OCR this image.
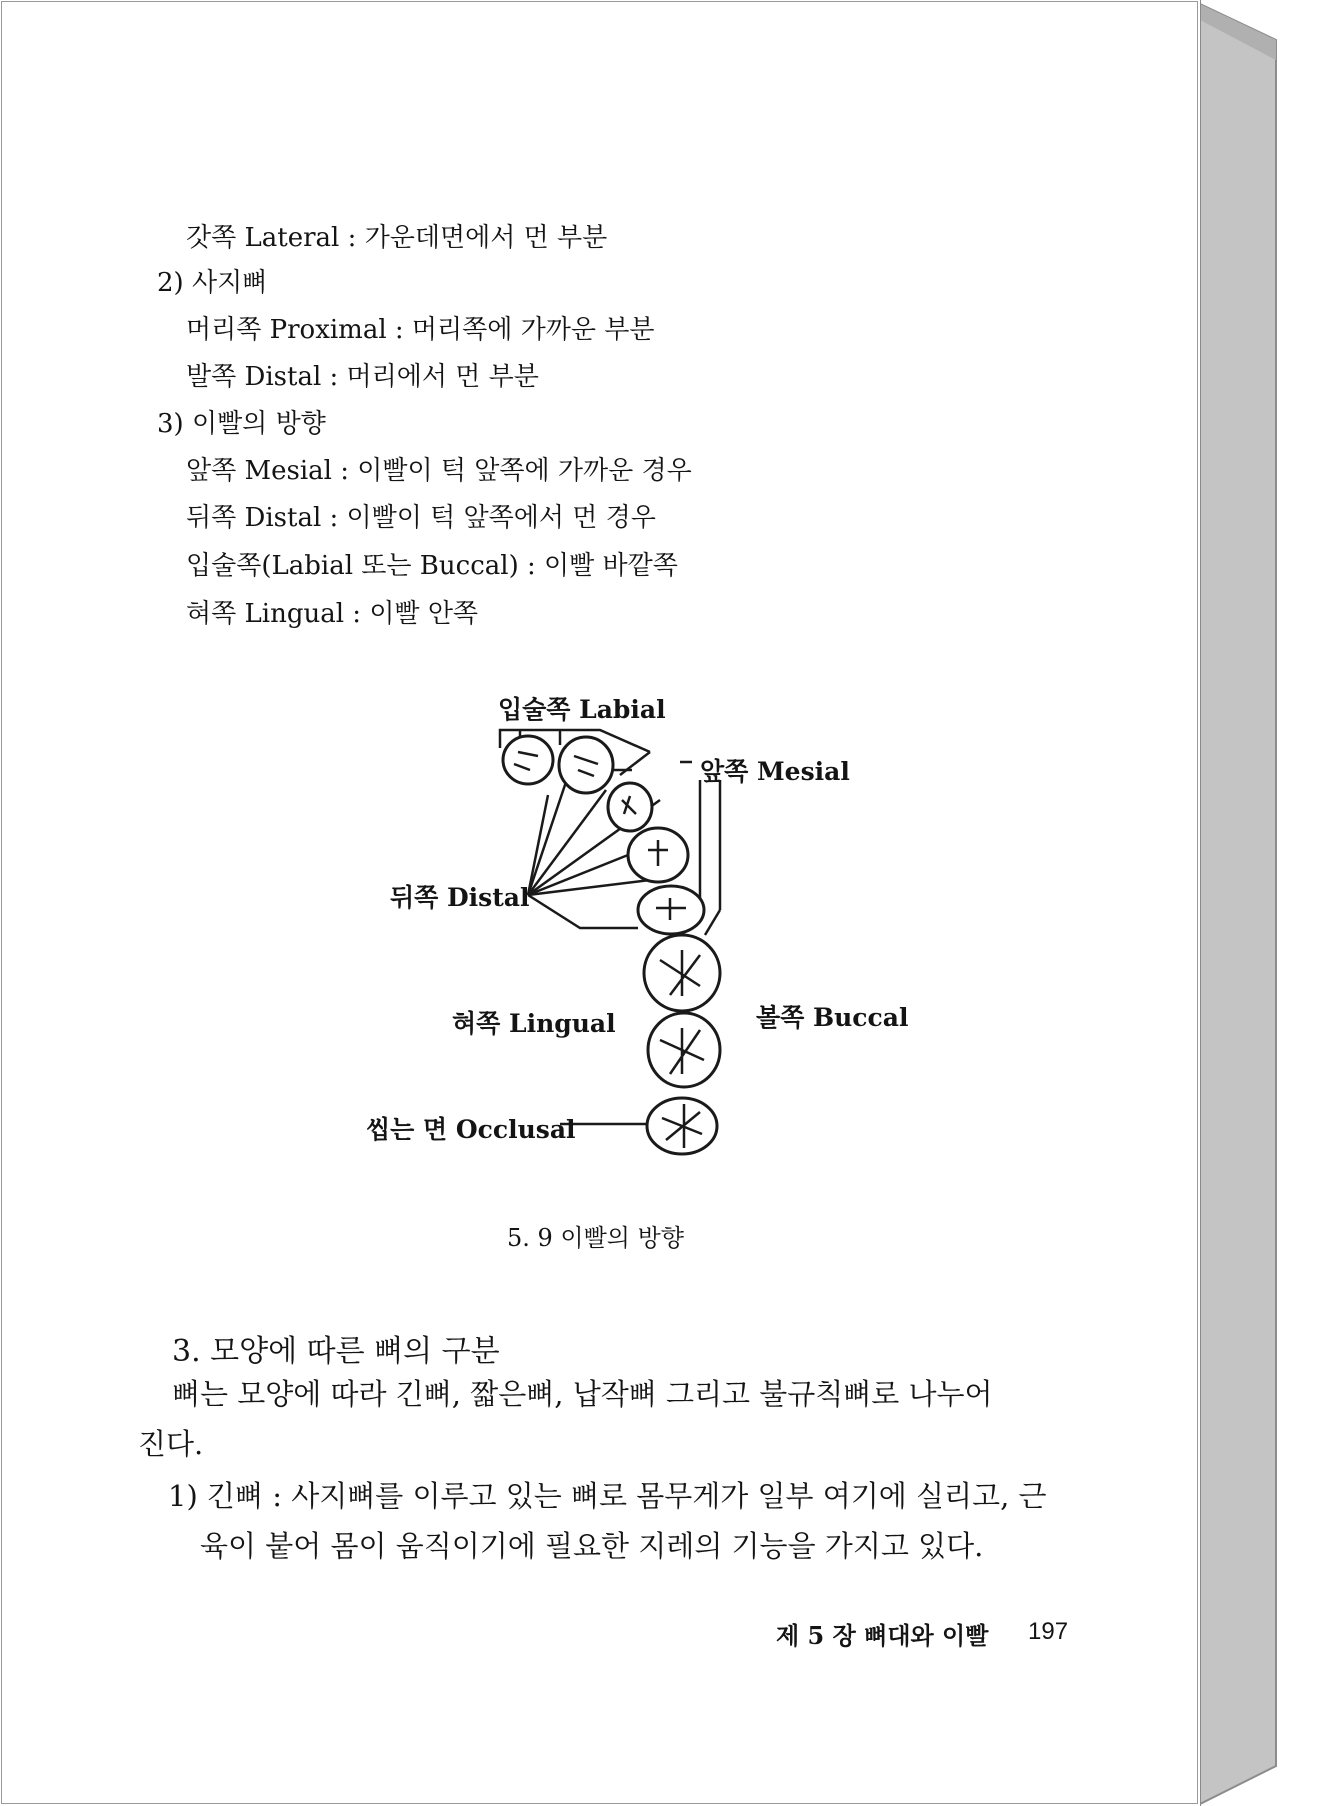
갓쪽 Lateral : 가운데면에서 먼 부분
2) 사지뼈
머리쪽 Proximal : 머리쪽에 가까운 부분
발쪽 Distal : 머리에서 먼 부분
3) 이빨의 방향
앞쪽 Mesial : 이빨이 턱 앞쪽에 가까운 경우
뒤쪽 Distal : 이빨이 턱 앞쪽에서 먼 경우
입술쪽(Labial 또는 Buccal) : 이빨 바깥쪽
혀쪽 Lingual : 이빨 안쪽
입술쪽 Labial
앞쪽 Mesial
뒤쪽 Distal
혀쪽 Lingual	볼쪽 Buccal
씹는 면 Occlusal
5. 9 이빨의 방향
3. 모양에 따른 뼈의 구분
뼈는 모양에 따라 긴뼈, 짧은뼈, 납작뼈 그리고 불규칙뼈로 나누어
진다.
1) 긴뼈 : 사지뼈를 이루고 있는 뼈로 몸무게가 일부 여기에 실리고, 근
육이 붙어 몸이 움직이기에 필요한 지레의 기능을 가지고 있다.
제 5 장 뼈대와 이빨 197
